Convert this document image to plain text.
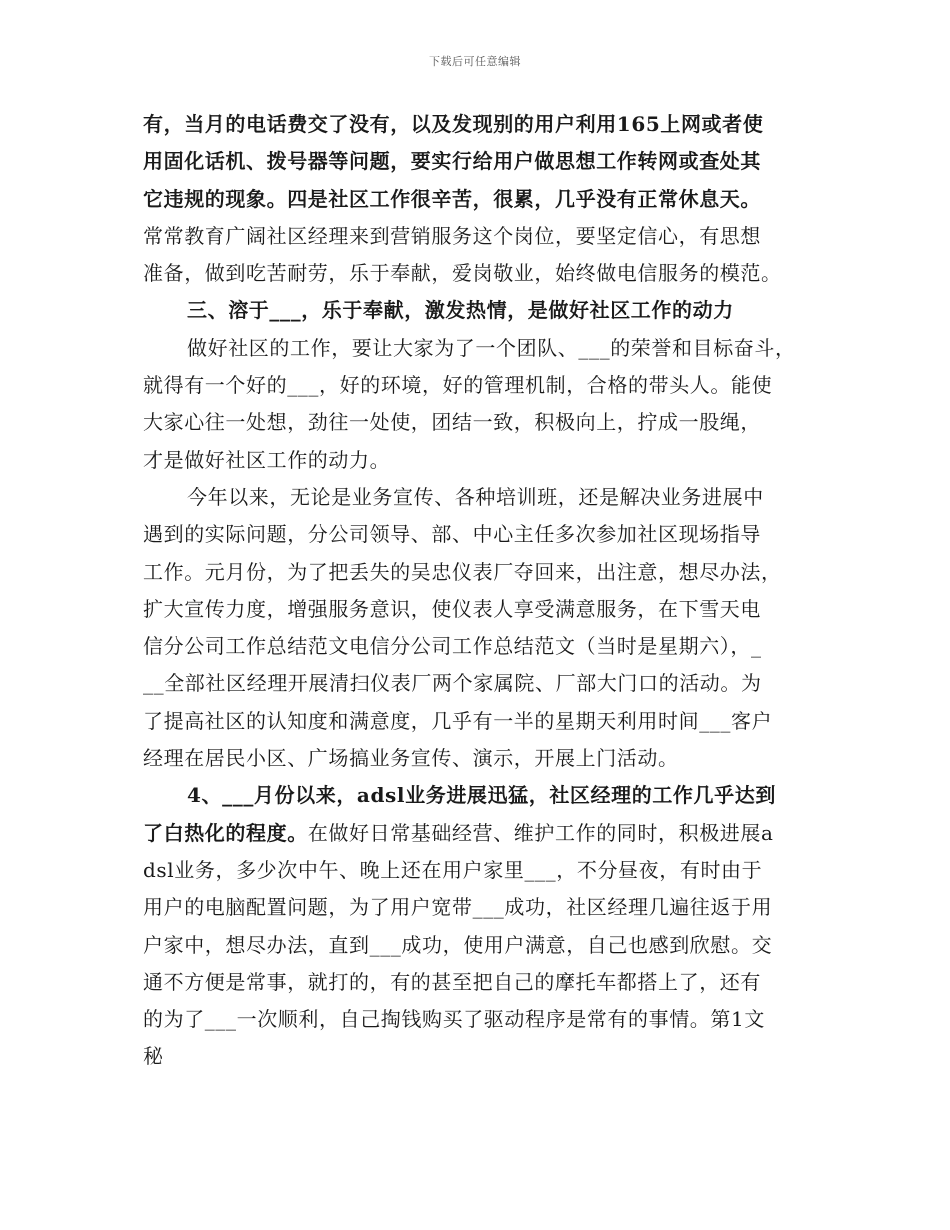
下载后可任意编辑
有，当月的电话费交了没有，以及发现别的用户利用165上网或者使
用固化话机、拨号器等问题，要实行给用户做思想工作转网或查处其
它违规的现象。四是社区工作很辛苦，很累，几乎没有正常休息天。
常常教育广阔社区经理来到营销服务这个岗位，要坚定信心，有思想
准备，做到吃苦耐劳，乐于奉献，爱岗敬业，始终做电信服务的模范。
三、溶于___，乐于奉献，激发热情，是做好社区工作的动力
做好社区的工作，要让大家为了一个团队、___的荣誉和目标奋斗，
就得有一个好的___，好的环境，好的管理机制，合格的带头人。能使
大家心往一处想，劲往一处使，团结一致，积极向上，拧成一股绳，
才是做好社区工作的动力。
今年以来，无论是业务宣传、各种培训班，还是解决业务进展中
遇到的实际问题，分公司领导、部、中心主任多次参加社区现场指导
工作。元月份，为了把丢失的吴忠仪表厂夺回来，出注意，想尽办法，
扩大宣传力度，增强服务意识，使仪表人享受满意服务，在下雪天电
信分公司工作总结范文电信分公司工作总结范文（当时是星期六），_
__全部社区经理开展清扫仪表厂两个家属院、厂部大门口的活动。为
了提高社区的认知度和满意度，几乎有一半的星期天利用时间___客户
经理在居民小区、广场搞业务宣传、演示，开展上门活动。
4、___月份以来，adsl业务进展迅猛，社区经理的工作几乎达到
了白热化的程度。在做好日常基础经营、维护工作的同时，积极进展a
dsl业务，多少次中午、晚上还在用户家里___，不分昼夜，有时由于
用户的电脑配置问题，为了用户宽带___成功，社区经理几遍往返于用
户家中，想尽办法，直到___成功，使用户满意，自己也感到欣慰。交
通不方便是常事，就打的，有的甚至把自己的摩托车都搭上了，还有
的为了___一次顺利，自己掏钱购买了驱动程序是常有的事情。第1文
秘
